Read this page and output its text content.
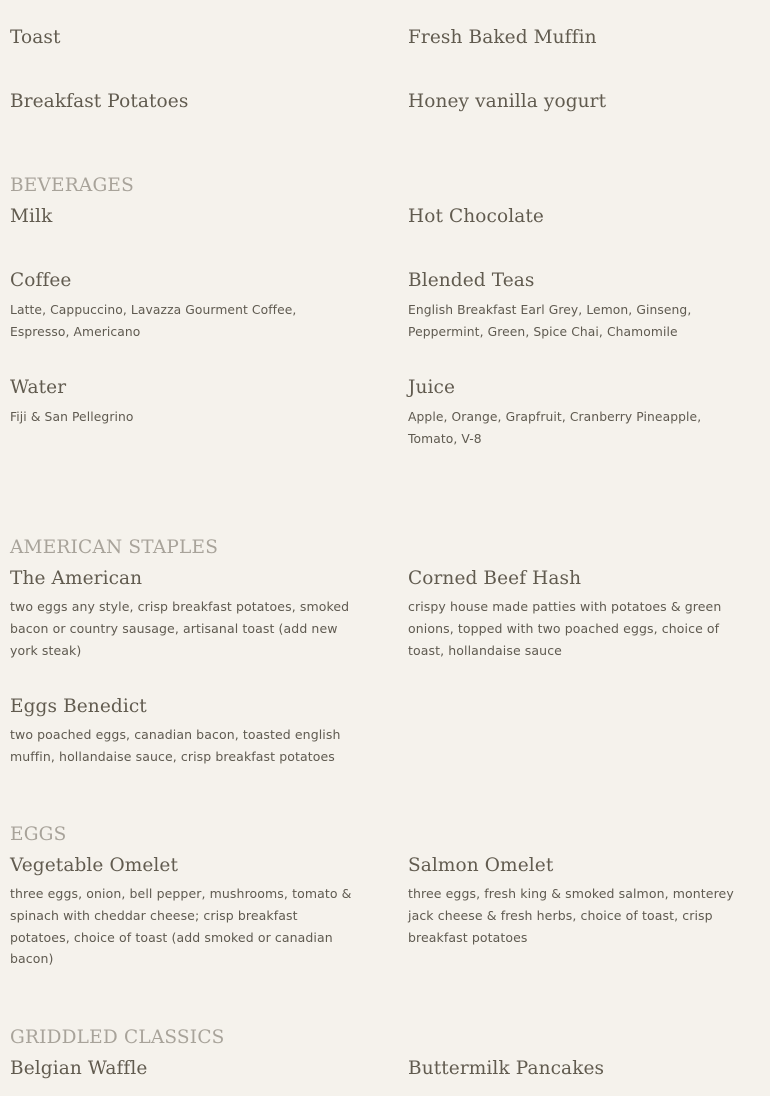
Toast	Fresh Baked Muffin
Breakfast Potatoes	Honey vanilla yogurt
BEVERAGES
Milk	Hot Chocolate
Coffee
Latte, Cappuccino, Lavazza Gourment Coffee, Espresso, Americano
Blended Teas
English Breakfast Earl Grey, Lemon, Ginseng, Peppermint, Green, Spice Chai, Chamomile
Water
Fiji & San Pellegrino
Juice
Apple, Orange, Grapfruit, Cranberry Pineapple, Tomato, V-8
AMERICAN STAPLES
The American
two eggs any style, crisp breakfast potatoes, smoked bacon or country sausage, artisanal toast (add new york steak)
Corned Beef Hash
crispy house made patties with potatoes & green onions, topped with two poached eggs, choice of toast, hollandaise sauce
Eggs Benedict
two poached eggs, canadian bacon, toasted english muffin, hollandaise sauce, crisp breakfast potatoes
EGGS
Vegetable Omelet
three eggs, onion, bell pepper, mushrooms, tomato & spinach with cheddar cheese; crisp breakfast potatoes, choice of toast (add smoked or canadian bacon)
Salmon Omelet
three eggs, fresh king & smoked salmon, monterey jack cheese & fresh herbs, choice of toast, crisp breakfast potatoes
GRIDDLED CLASSICS
Belgian Waffle	Buttermilk Pancakes
